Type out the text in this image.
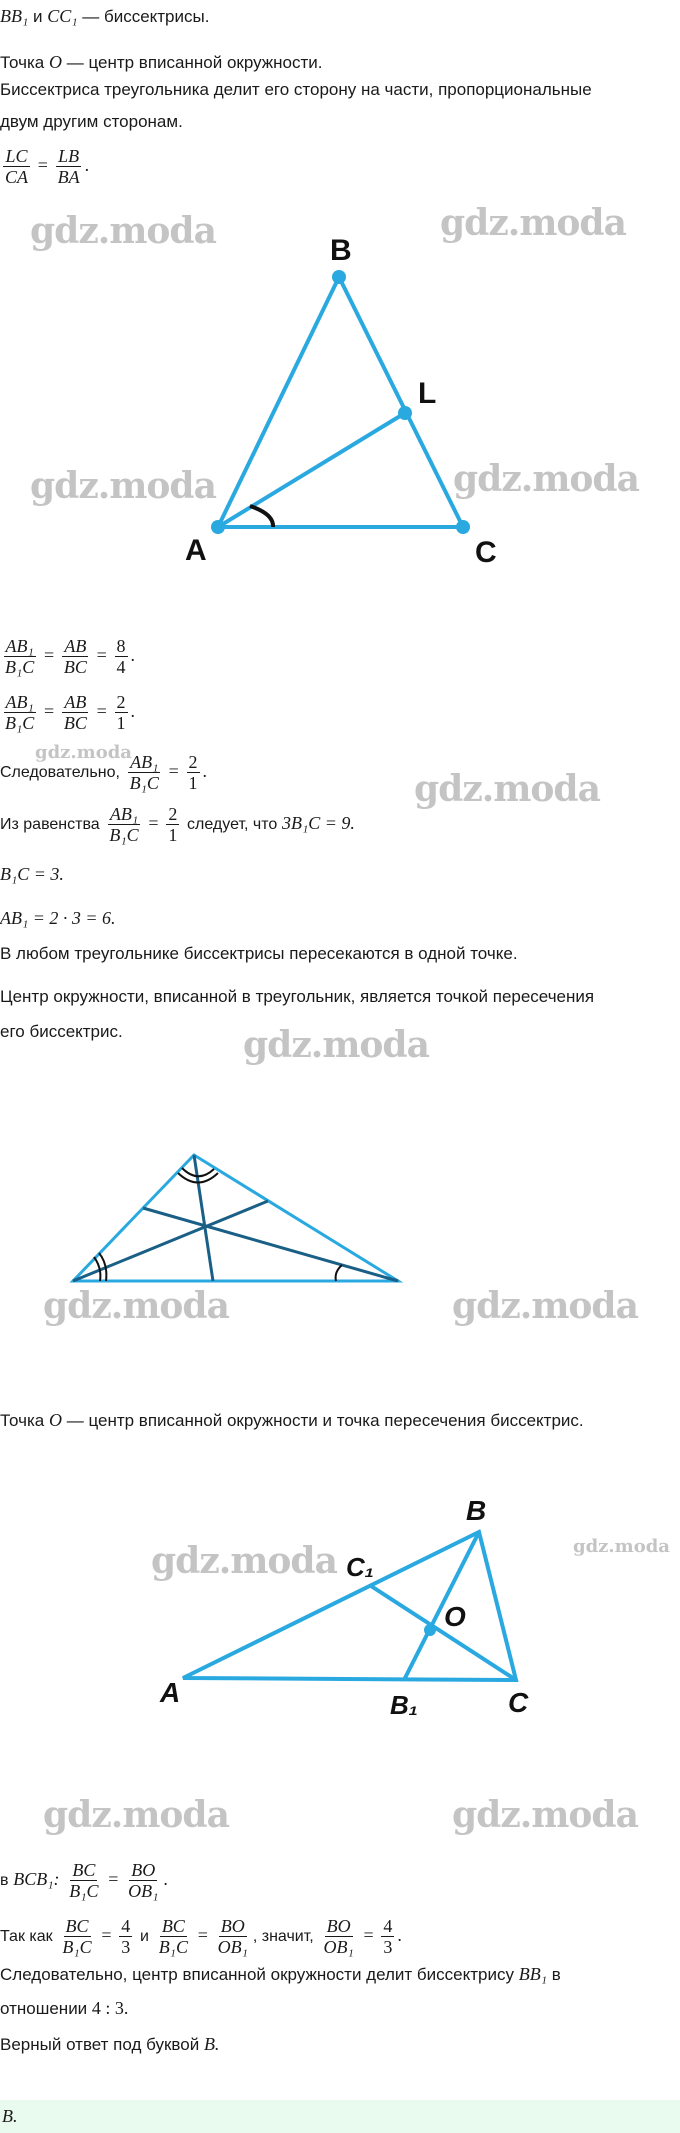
BB₁ и CC₁ — биссектрисы.
Точка O — центр вписанной окружности.
Биссектриса треугольника делит его сторону на части, пропорциональные
двум другим сторонам.
$\frac{LC}{CA} = \frac{LB}{BA}$ .
A
B
C
L
$\frac{\text{AB₁}}{\text{B₁C}} = \frac{AB}{BC} = \frac{8}{4}$ .
$\frac{\text{AB₁}}{\text{B₁C}} = \frac{AB}{BC} = \frac{2}{1}$ .
Следовательно, $\frac{\text{AB₁}}{\text{B₁C}} = \frac{2}{1}$ .
Из равенства $\frac{\text{AB₁}}{\text{B₁C}} = \frac{2}{1}$ следует, что 3B₁C = 9.
B₁C = 3.
AB₁ = 2 · 3 = 6.
В любом треугольнике биссектрисы пересекаются в одной точке.
Центр окружности, вписанной в треугольник, является точкой пересечения
его биссектрис.
Точка O — центр вписанной окружности и точка пересечения биссектрис.
A
B
C
C₁
B₁
O
в BCB₁: $\frac{BC}{\text{B₁C}} = \frac{BO}{\text{OB₁}}$ .
Так как $\frac{BC}{\text{B₁C}} = \frac{4}{3}$ и $\frac{BC}{\text{B₁C}} = \frac{BO}{\text{OB₁}}$ , значит, $\frac{BO}{\text{OB₁}} = \frac{4}{3}$ .
Следовательно, центр вписанной окружности делит биссектрису BB₁ в
отношении 4 : 3.
Верный ответ под буквой B.
B.
gdz.moda	gdz.moda
gdz.moda	gdz.moda
gdz.moda
gdz.moda
gdz.moda
gdz.moda	gdz.moda
gdz.moda	gdz.moda
gdz.moda	gdz.moda
